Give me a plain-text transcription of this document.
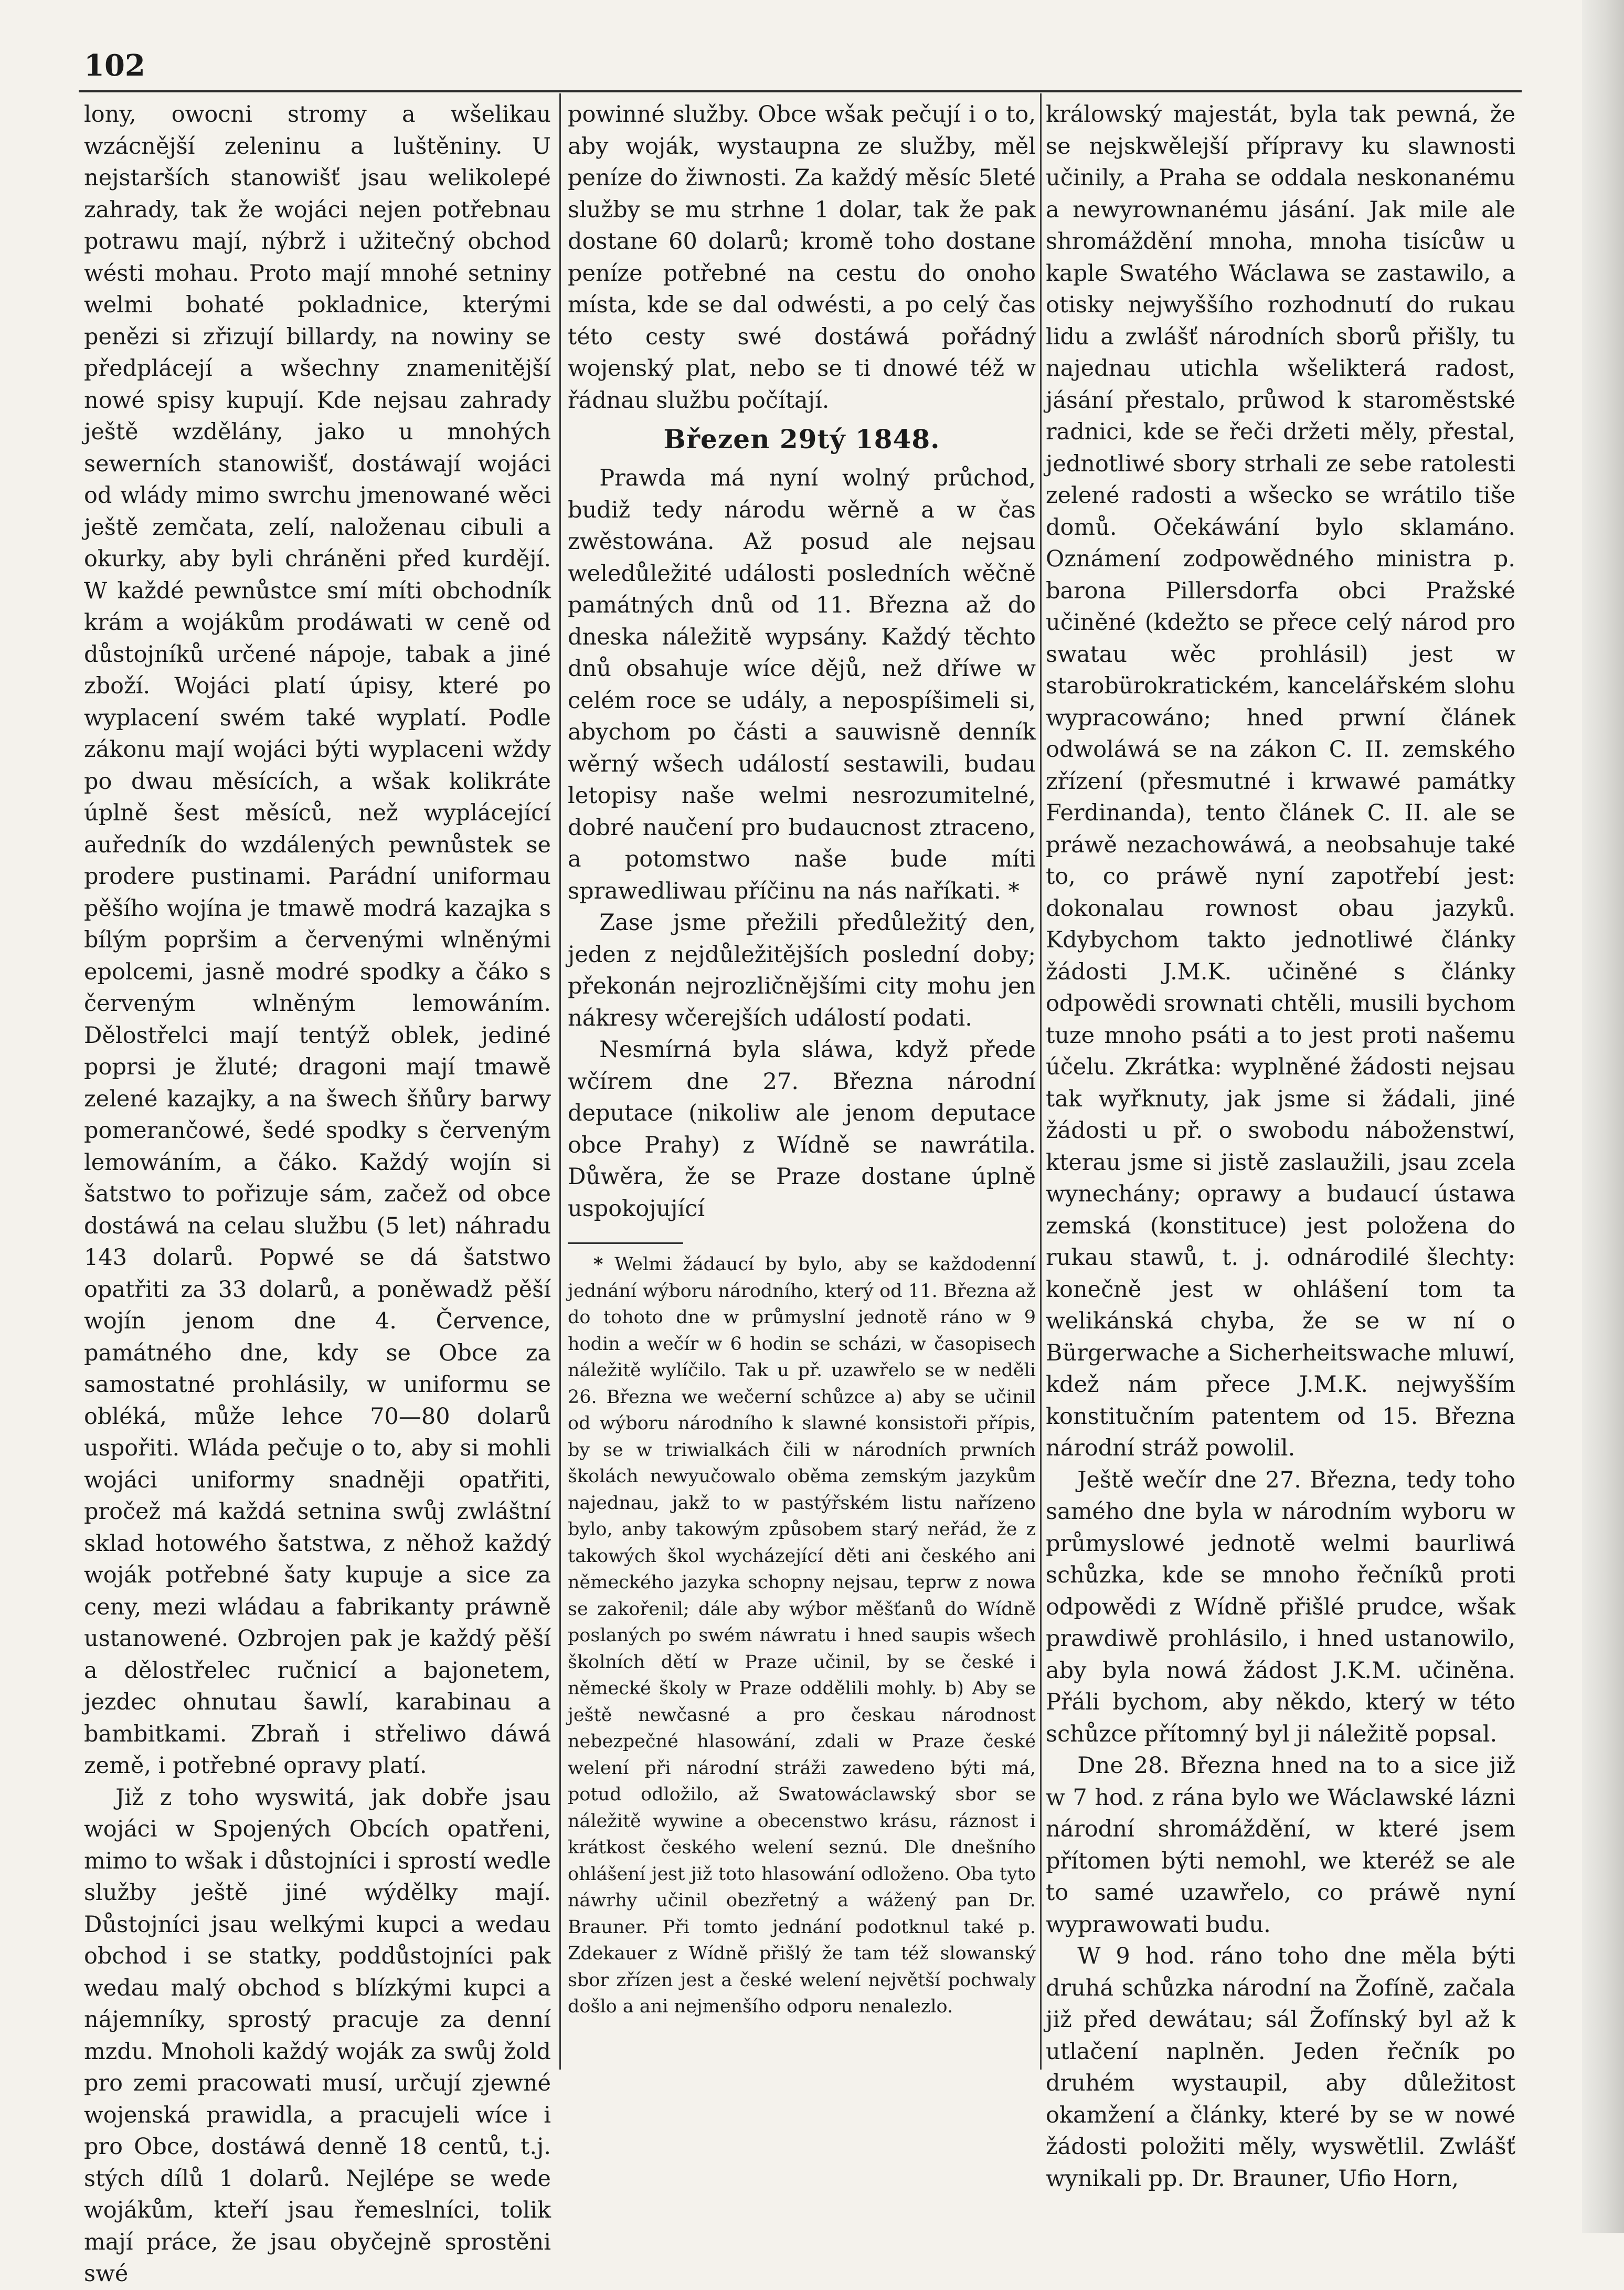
102

lony, owocni stromy a wšelikau wzácnější zeleninu a luštěniny. U nejstarších stanowišť jsau welikolepé zahrady, tak že wojáci nejen potřebnau potrawu mají, nýbrž i užitečný obchod wésti mohau. Proto mají mnohé setniny welmi bohaté pokladnice, kterými penězi si zřizují billardy, na nowiny se předplácejí a wšechny znamenitější nowé spisy kupují. Kde nejsau zahrady ještě wzdělány, jako u mnohých sewerních stanowišť, dostáwají wojáci od wlády mimo swrchu jmenowané wěci ještě zemčata, zelí, naloženau cibuli a okurky, aby byli chráněni před kurdějí. W každé pewnůstce smí míti obchodník krám a wojákům prodáwati w ceně od důstojníků určené nápoje, tabak a jiné zboží. Wojáci platí úpisy, které po wyplacení swém také wyplatí. Podle zákonu mají wojáci býti wyplaceni wždy po dwau měsících, a wšak kolikráte úplně šest měsíců, než wyplácející auředník do wzdálených pewnůstek se prodere pustinami. Parádní uniformau pěšího wojína je tmawě modrá kazajka s bílým popršim a červenými wlněnými epolcemi, jasně modré spodky a čáko s červeným wlněným lemowáním. Dělostřelci mají tentýž oblek, jediné poprsi je žluté; dragoni mají tmawě zelené kazajky, a na šwech šňůry barwy pomerančowé, šedé spodky s červeným lemowáním, a čáko. Každý wojín si šatstwo to pořizuje sám, začež od obce dostáwá na celau službu (5 let) náhradu 143 dolarů. Popwé se dá šatstwo opatřiti za 33 dolarů, a poněwadž pěší wojín jenom dne 4. Července, památného dne, kdy se Obce za samostatné prohlásily, w uniformu se obléká, může lehce 70—80 dolarů uspořiti. Wláda pečuje o to, aby si mohli wojáci uniformy snadněji opatřiti, pročež má každá setnina swůj zwláštní sklad hotowého šatstwa, z něhož každý woják potřebné šaty kupuje a sice za ceny, mezi wládau a fabrikanty práwně ustanowené. Ozbrojen pak je každý pěší a dělostřelec ručnicí a bajonetem, jezdec ohnutau šawlí, karabinau a bambitkami. Zbraň i střeliwo dáwá země, i potřebné opravy platí.

Již z toho wyswitá, jak dobře jsau wojáci w Spojených Obcích opatřeni, mimo to wšak i důstojníci i sprostí wedle služby ještě jiné wýdělky mají. Důstojníci jsau welkými kupci a wedau obchod i se statky, poddůstojníci pak wedau malý obchod s blízkými kupci a nájemníky, sprostý pracuje za denní mzdu. Mnoholi každý woják za swůj žold pro zemi pracowati musí, určují zjewné wojenská prawidla, a pracujeli wíce i pro Obce, dostáwá denně 18 centů, t.j. stých dílů 1 dolarů. Nejlépe se wede wojákům, kteří jsau řemeslníci, tolik mají práce, že jsau obyčejně sprostěni swé

powinné služby. Obce wšak pečují i o to, aby woják, wystaupna ze služby, měl peníze do žiwnosti. Za každý měsíc 5leté služby se mu strhne 1 dolar, tak že pak dostane 60 dolarů; kromě toho dostane peníze potřebné na cestu do onoho místa, kde se dal odwésti, a po celý čas této cesty swé dostáwá pořádný wojenský plat, nebo se ti dnowé též w řádnau službu počítají.

Březen 29tý 1848.

Prawda má nyní wolný průchod, budiž tedy národu wěrně a w čas zwěstowána. Až posud ale nejsau weledůležité události posledních wěčně památných dnů od 11. Března až do dneska náležitě wypsány. Každý těchto dnů obsahuje wíce dějů, než dříwe w celém roce se udály, a nepospíšimeli si, abychom po části a sauwisně denník wěrný wšech událostí sestawili, budau letopisy naše welmi nesrozumitelné, dobré naučení pro budaucnost ztraceno, a potomstwo naše bude míti sprawedliwau příčinu na nás naříkati. *

Zase jsme přežili předůležitý den, jeden z nejdůležitějších poslední doby; překonán nejrozličnějšími city mohu jen nákresy wčerejších událostí podati.

Nesmírná byla sláwa, když přede wčírem dne 27. Března národní deputace (nikoliw ale jenom deputace obce Prahy) z Wídně se nawrátila. Důwěra, že se Praze dostane úplně uspokojující

* Welmi žádaucí by bylo, aby se každodenní jednání wýboru národního, který od 11. Března až do tohoto dne w průmyslní jednotě ráno w 9 hodin a wečír w 6 hodin se scházi, w časopisech náležitě wylíčilo. Tak u př. uzawřelo se w neděli 26. Března we wečerní schůzce a) aby se učinil od wýboru národního k slawné konsistoři přípis, by se w triwialkách čili w národních prwních školách newyučowalo oběma zemským jazykům najednau, jakž to w pastýřském listu nařízeno bylo, anby takowým způsobem starý neřád, že z takowých škol wycházející děti ani českého ani německého jazyka schopny nejsau, teprw z nowa se zakořenil; dále aby wýbor měšťanů do Wídně poslaných po swém náwratu i hned saupis wšech školních dětí w Praze učinil, by se české i německé školy w Praze oddělili mohly. b) Aby se ještě newčasné a pro českau národnost nebezpečné hlasowání, zdali w Praze české welení při národní stráži zawedeno býti má, potud odložilo, až Swatowáclawský sbor se náležitě wywine a obecenstwo krásu, ráznost i krátkost českého welení seznú. Dle dnešního ohlášení jest již toto hlasowání odloženo. Oba tyto náwrhy učinil obezřetný a wážený pan Dr. Brauner. Při tomto jednání podotknul také p. Zdekauer z Wídně přišlý že tam též slowanský sbor zřízen jest a české welení největší pochwaly došlo a ani nejmenšího odporu nenalezlo.

králowský majestát, byla tak pewná, že se nejskwělejší přípravy ku slawnosti učinily, a Praha se oddala neskonanému a newyrownanému jásání. Jak mile ale shromáždění mnoha, mnoha tisícůw u kaple Swatého Wáclawa se zastawilo, a otisky nejwyššího rozhodnutí do rukau lidu a zwlášť národních sborů přišly, tu najednau utichla wšelikterá radost, jásání přestalo, průwod k staroměstské radnici, kde se řeči držeti měly, přestal, jednotliwé sbory strhali ze sebe ratolesti zelené radosti a wšecko se wrátilo tiše domů. Očekáwání bylo sklamáno. Oznámení zodpowědného ministra p. barona Pillersdorfa obci Pražské učiněné (kdežto se přece celý národ pro swatau wěc prohlásil) jest w starobürokratickém, kancelářském slohu wypracowáno; hned prwní článek odwoláwá se na zákon C. II. zemského zřízení (přesmutné i krwawé památky Ferdinanda), tento článek C. II. ale se práwě nezachowáwá, a neobsahuje také to, co práwě nyní zapotřebí jest: dokonalau rownost obau jazyků. Kdybychom takto jednotliwé články žádosti J.M.K. učiněné s články odpowědi srownati chtěli, musili bychom tuze mnoho psáti a to jest proti našemu účelu. Zkrátka: wyplněné žádosti nejsau tak wyřknuty, jak jsme si žádali, jiné žádosti u př. o swobodu náboženstwí, kterau jsme si jistě zaslaužili, jsau zcela wynechány; oprawy a budaucí ústawa zemská (konstituce) jest položena do rukau stawů, t. j. odnárodilé šlechty: konečně jest w ohlášení tom ta welikánská chyba, že se w ní o Bürgerwache a Sicherheitswache mluwí, kdež nám přece J.M.K. nejwyšším konstitučním patentem od 15. Března národní stráž powolil.

Ještě wečír dne 27. Března, tedy toho samého dne byla w národním wyboru w průmyslowé jednotě welmi baurliwá schůzka, kde se mnoho řečníků proti odpowědi z Wídně přišlé prudce, wšak prawdiwě prohlásilo, i hned ustanowilo, aby byla nowá žádost J.K.M. učiněna. Přáli bychom, aby někdo, který w této schůzce přítomný byl ji náležitě popsal.

Dne 28. Března hned na to a sice již w 7 hod. z rána bylo we Wáclawské lázni národní shromáždění, w které jsem přítomen býti nemohl, we kteréž se ale to samé uzawřelo, co práwě nyní wyprawowati budu.

W 9 hod. ráno toho dne měla býti druhá schůzka národní na Žofíně, začala již před dewátau; sál Žofínský byl až k utlačení naplněn. Jeden řečník po druhém wystaupil, aby důležitost okamžení a články, které by se w nowé žádosti položiti měly, wyswětlil. Zwlášť wynikali pp. Dr. Brauner, Ufio Horn,
